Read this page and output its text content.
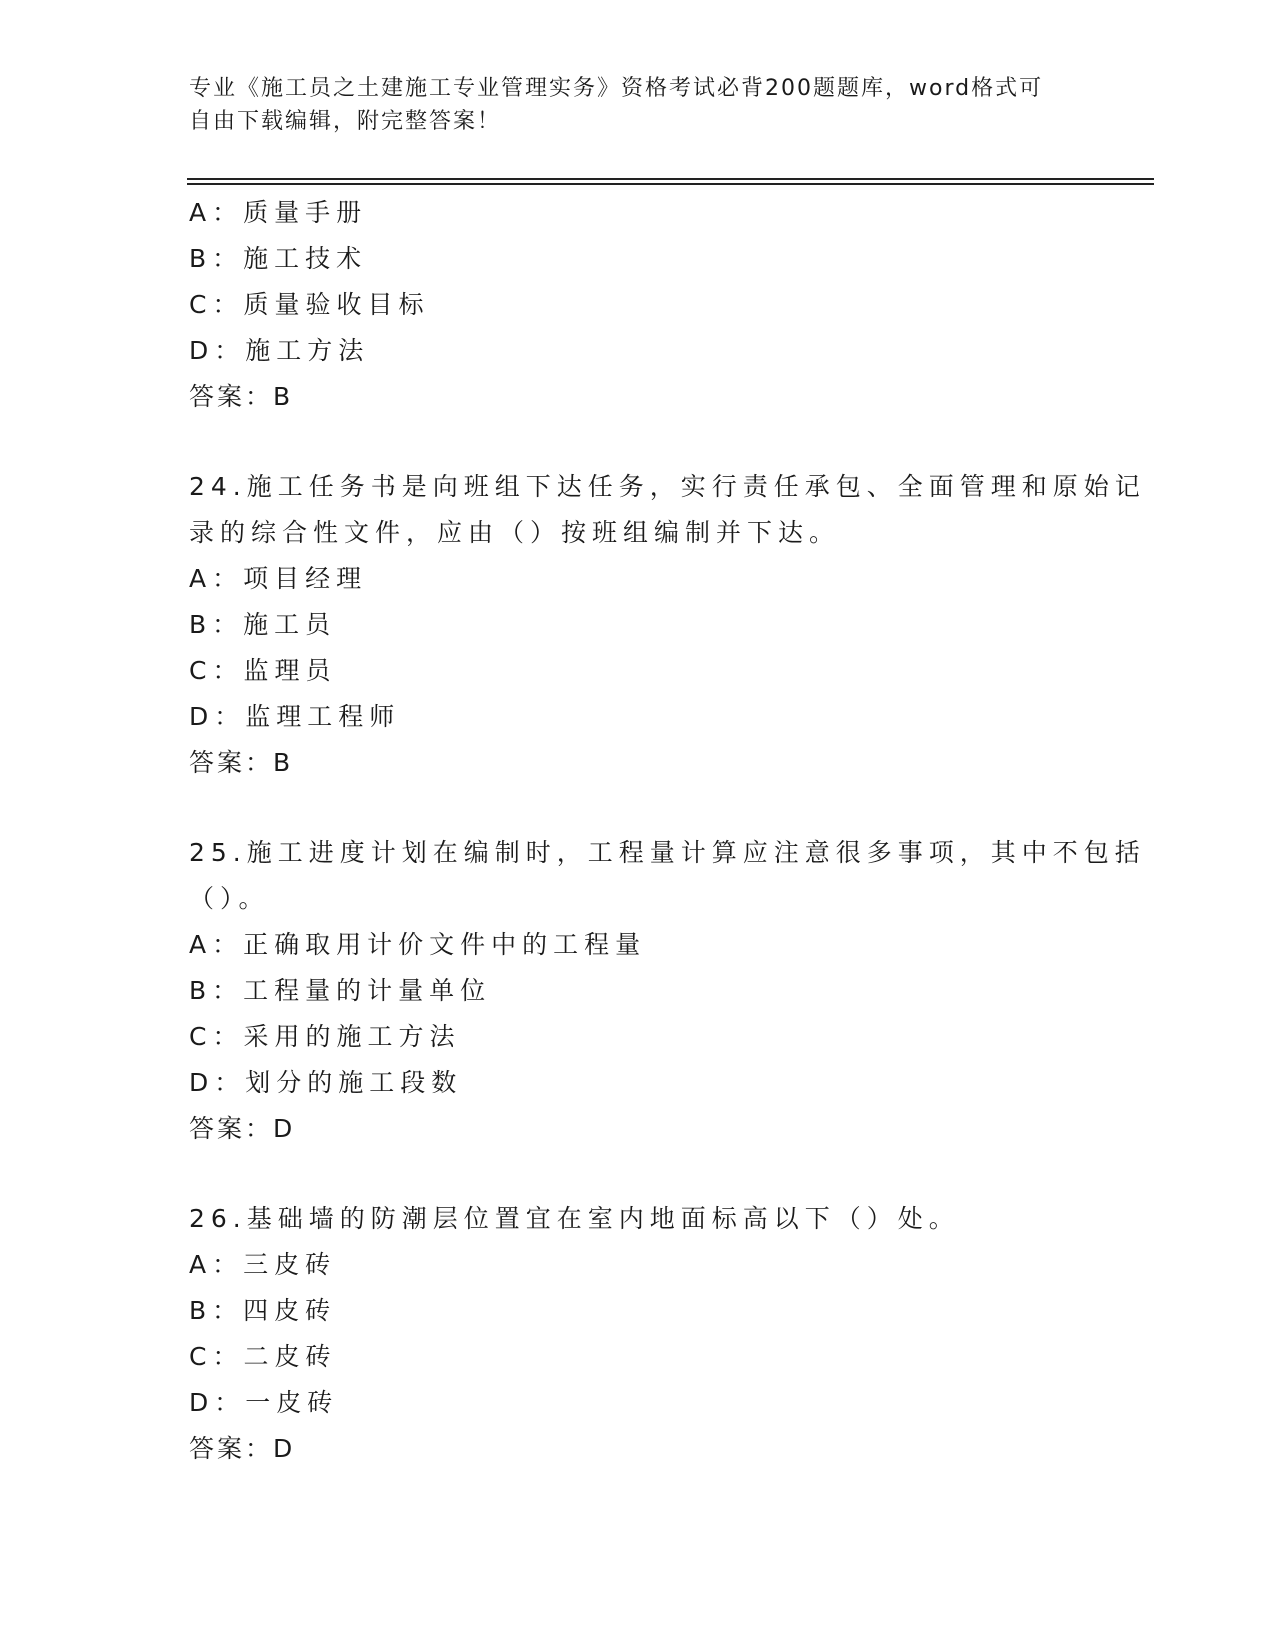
专业《施工员之土建施工专业管理实务》资格考试必背200题题库，word格式可
自由下载编辑，附完整答案！
A：质量手册
B：施工技术
C：质量验收目标
D：施工方法
答案：B
24.施工任务书是向班组下达任务，实行责任承包、全面管理和原始记
录的综合性文件，应由（）按班组编制并下达。
A：项目经理
B：施工员
C：监理员
D：监理工程师
答案：B
25.施工进度计划在编制时，工程量计算应注意很多事项，其中不包括
（）。
A：正确取用计价文件中的工程量
B：工程量的计量单位
C：采用的施工方法
D：划分的施工段数
答案：D
26.基础墙的防潮层位置宜在室内地面标高以下（）处。
A：三皮砖
B：四皮砖
C：二皮砖
D：一皮砖
答案：D
